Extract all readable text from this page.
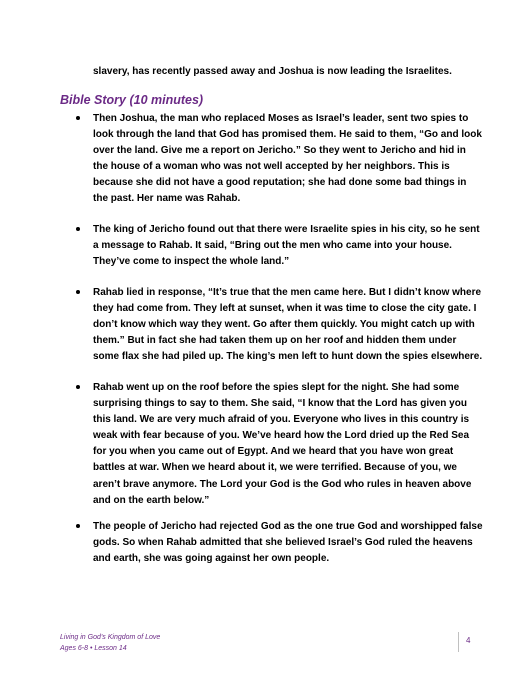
slavery, has recently passed away and Joshua is now leading the Israelites.

Bible Story (10 minutes)

Then Joshua, the man who replaced Moses as Israel’s leader, sent two spies to look through the land that God has promised them. He said to them, “Go and look over the land. Give me a report on Jericho.” So they went to Jericho and hid in the house of a woman who was not well accepted by her neighbors. This is because she did not have a good reputation; she had done some bad things in the past. Her name was Rahab.

The king of Jericho found out that there were Israelite spies in his city, so he sent a message to Rahab. It said, “Bring out the men who came into your house. They’ve come to inspect the whole land.”

Rahab lied in response, “It’s true that the men came here. But I didn’t know where they had come from. They left at sunset, when it was time to close the city gate. I don’t know which way they went. Go after them quickly. You might catch up with them.” But in fact she had taken them up on her roof and hidden them under some flax she had piled up. The king’s men left to hunt down the spies elsewhere.

Rahab went up on the roof before the spies slept for the night. She had some surprising things to say to them. She said, “I know that the Lord has given you this land. We are very much afraid of you. Everyone who lives in this country is weak with fear because of you. We’ve heard how the Lord dried up the Red Sea for you when you came out of Egypt. And we heard that you have won great battles at war. When we heard about it, we were terrified. Because of you, we aren’t brave anymore. The Lord your God is the God who rules in heaven above and on the earth below.”

The people of Jericho had rejected God as the one true God and worshipped false gods. So when Rahab admitted that she believed Israel’s God ruled the heavens and earth, she was going against her own people.

Living in God’s Kingdom of Love
Ages 6-8 • Lesson 14
4
